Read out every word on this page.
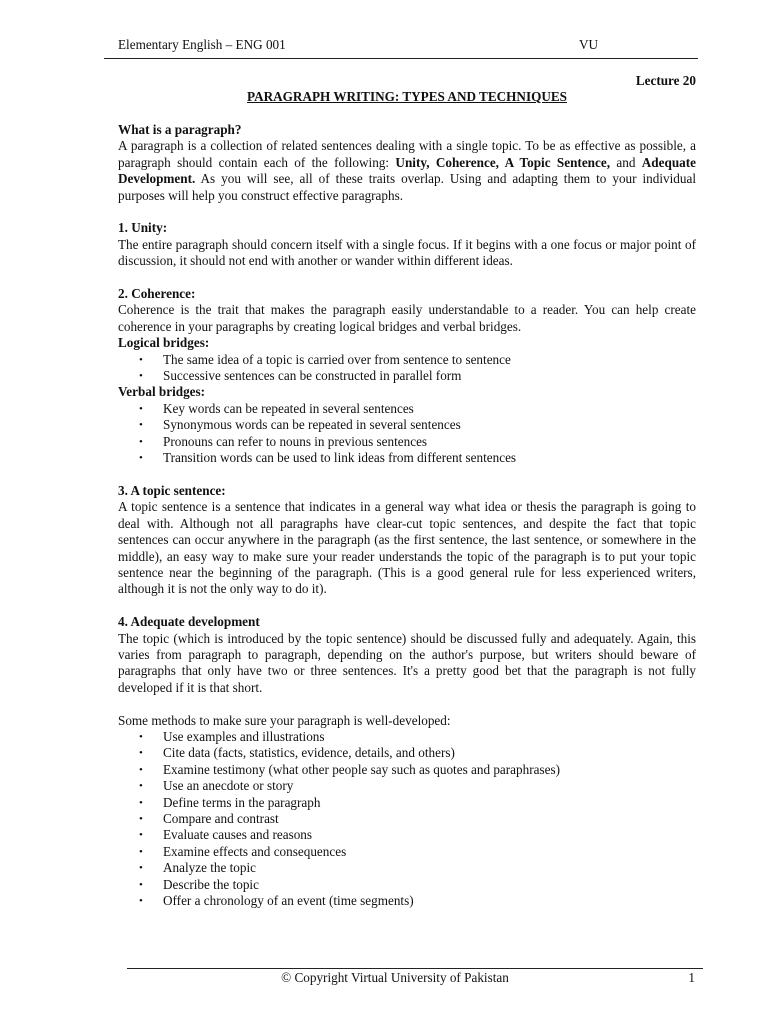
Elementary English – ENG 001	VU
Lecture 20
PARAGRAPH WRITING: TYPES AND TECHNIQUES
What is a paragraph?

A paragraph is a collection of related sentences dealing with a single topic. To be as effective as possible, a paragraph should contain each of the following: Unity, Coherence, A Topic Sentence, and Adequate Development. As you will see, all of these traits overlap. Using and adapting them to your individual purposes will help you construct effective paragraphs.

1. Unity:

The entire paragraph should concern itself with a single focus. If it begins with a one focus or major point of discussion, it should not end with another or wander within different ideas.

2. Coherence:

Coherence is the trait that makes the paragraph easily understandable to a reader. You can help create coherence in your paragraphs by creating logical bridges and verbal bridges.

Logical bridges:
• The same idea of a topic is carried over from sentence to sentence
• Successive sentences can be constructed in parallel form
Verbal bridges:
• Key words can be repeated in several sentences
• Synonymous words can be repeated in several sentences
• Pronouns can refer to nouns in previous sentences
• Transition words can be used to link ideas from different sentences
3. A topic sentence:

A topic sentence is a sentence that indicates in a general way what idea or thesis the paragraph is going to deal with. Although not all paragraphs have clear-cut topic sentences, and despite the fact that topic sentences can occur anywhere in the paragraph (as the first sentence, the last sentence, or somewhere in the middle), an easy way to make sure your reader understands the topic of the paragraph is to put your topic sentence near the beginning of the paragraph. (This is a good general rule for less experienced writers, although it is not the only way to do it).

4. Adequate development

The topic (which is introduced by the topic sentence) should be discussed fully and adequately. Again, this varies from paragraph to paragraph, depending on the author's purpose, but writers should beware of paragraphs that only have two or three sentences. It's a pretty good bet that the paragraph is not fully developed if it is that short.

Some methods to make sure your paragraph is well-developed:

• Use examples and illustrations
• Cite data (facts, statistics, evidence, details, and others)
• Examine testimony (what other people say such as quotes and paraphrases)
• Use an anecdote or story
• Define terms in the paragraph
• Compare and contrast
• Evaluate causes and reasons
• Examine effects and consequences
• Analyze the topic
• Describe the topic
• Offer a chronology of an event (time segments)
© Copyright Virtual University of Pakistan	1
